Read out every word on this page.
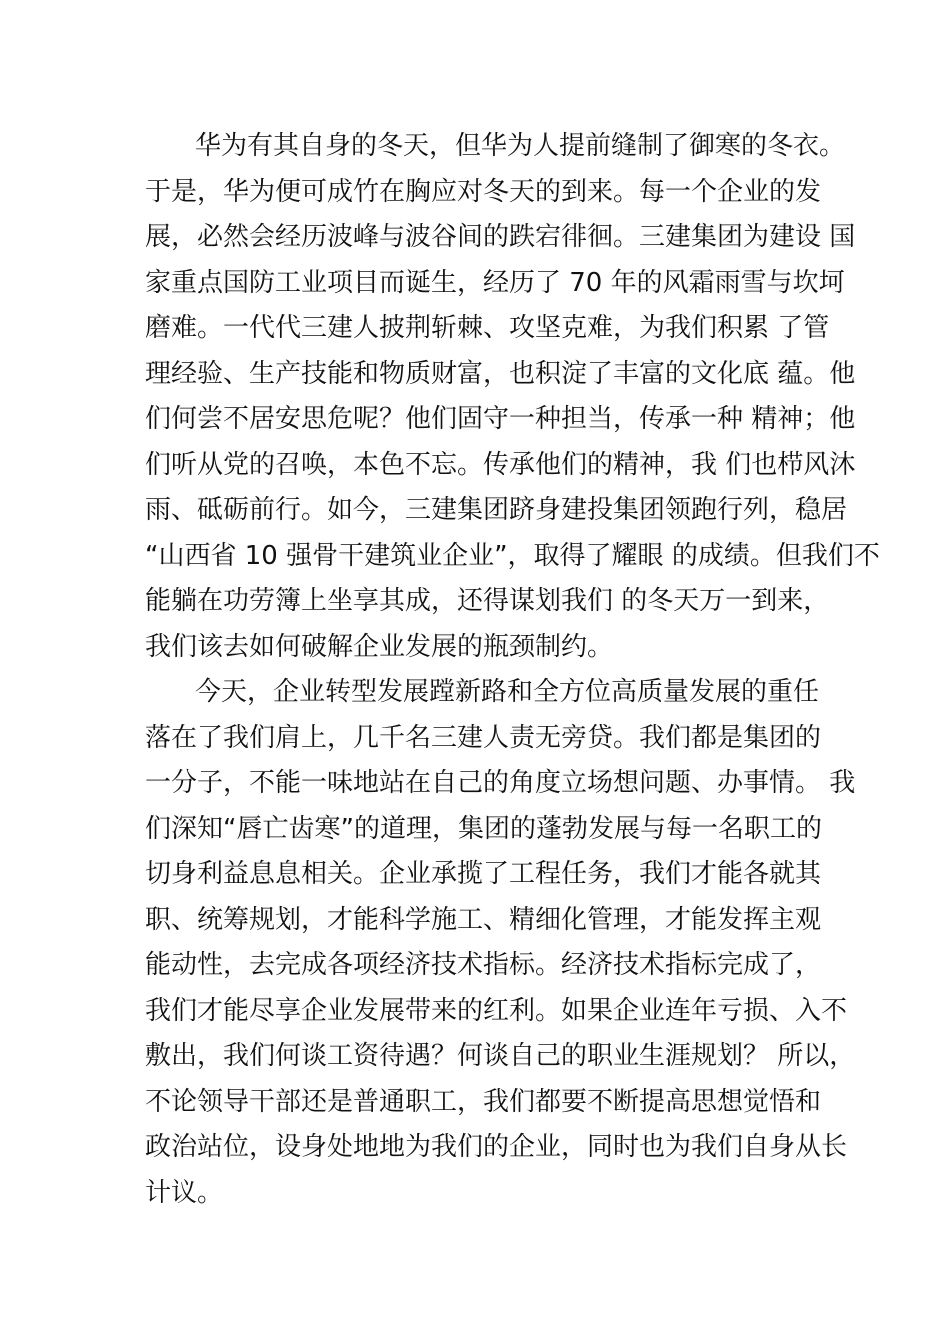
华为有其自身的冬天，但华为人提前缝制了御寒的冬衣。
于是，华为便可成竹在胸应对冬天的到来。每一个企业的发
展，必然会经历波峰与波谷间的跌宕徘徊。三建集团为建设 国
家重点国防工业项目而诞生，经历了 70 年的风霜雨雪与坎坷
磨难。一代代三建人披荆斩棘、攻坚克难，为我们积累 了管
理经验、生产技能和物质财富，也积淀了丰富的文化底 蕴。他
们何尝不居安思危呢？他们固守一种担当，传承一种 精神；他
们听从党的召唤，本色不忘。传承他们的精神，我 们也栉风沐
雨、砥砺前行。如今，三建集团跻身建投集团领跑行列，稳居
“山西省 10 强骨干建筑业企业”，取得了耀眼 的成绩。但我们不
能躺在功劳簿上坐享其成，还得谋划我们 的冬天万一到来，
我们该去如何破解企业发展的瓶颈制约。
今天，企业转型发展蹚新路和全方位高质量发展的重任
落在了我们肩上，几千名三建人责无旁贷。我们都是集团的
一分子，不能一味地站在自己的角度立场想问题、办事情。 我
们深知“唇亡齿寒”的道理，集团的蓬勃发展与每一名职工的
切身利益息息相关。企业承揽了工程任务，我们才能各就其
职、统筹规划，才能科学施工、精细化管理，才能发挥主观
能动性，去完成各项经济技术指标。经济技术指标完成了，
我们才能尽享企业发展带来的红利。如果企业连年亏损、入不
敷出，我们何谈工资待遇？何谈自己的职业生涯规划？ 所以，
不论领导干部还是普通职工，我们都要不断提高思想觉悟和
政治站位，设身处地地为我们的企业，同时也为我们自身从长
计议。
